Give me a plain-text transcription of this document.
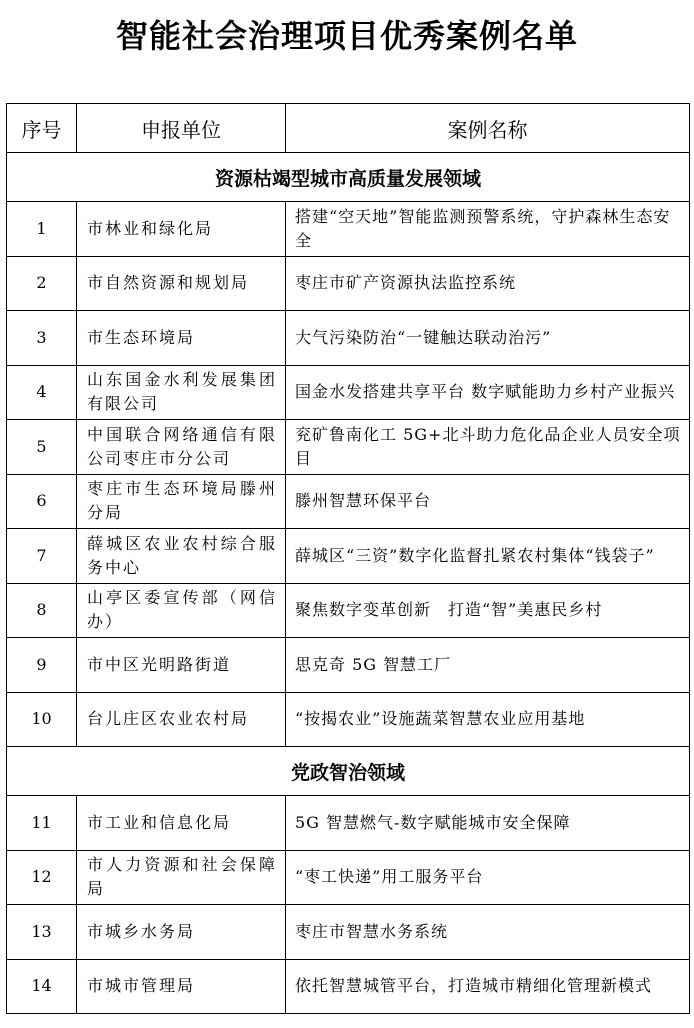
智能社会治理项目优秀案例名单
序号	申报单位	案例名称
资源枯竭型城市高质量发展领域		
1	市林业和绿化局	搭建“空天地”智能监测预警系统，守护森林生态安全
2	市自然资源和规划局	枣庄市矿产资源执法监控系统
3	市生态环境局	大气污染防治“一键触达联动治污”
4	山东国金水利发展集团有限公司	国金水发搭建共享平台 数字赋能助力乡村产业振兴
5	中国联合网络通信有限公司枣庄市分公司	兖矿鲁南化工 5G+北斗助力危化品企业人员安全项目
6	枣庄市生态环境局滕州分局	滕州智慧环保平台
7	薛城区农业农村综合服务中心	薛城区“三资”数字化监督扎紧农村集体“钱袋子”
8	山亭区委宣传部（网信办）	聚焦数字变革创新　打造“智”美惠民乡村
9	市中区光明路街道	思克奇 5G 智慧工厂
10	台儿庄区农业农村局	“按揭农业”设施蔬菜智慧农业应用基地
党政智治领域		
11	市工业和信息化局	5G 智慧燃气-数字赋能城市安全保障
12	市人力资源和社会保障局	“枣工快递”用工服务平台
13	市城乡水务局	枣庄市智慧水务系统
14	市城市管理局	依托智慧城管平台，打造城市精细化管理新模式
